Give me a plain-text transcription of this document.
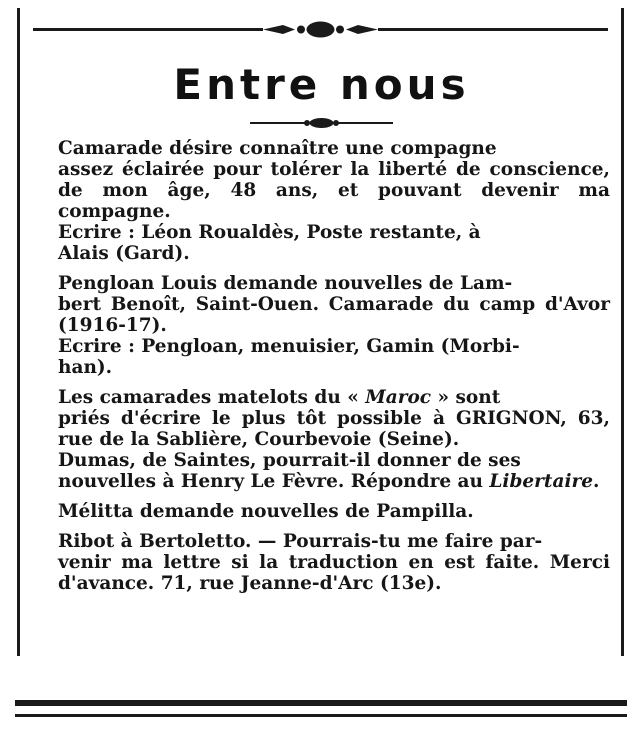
Entre nous

Camarade désire connaître une compagne

assez éclairée pour tolérer la liberté de conscience, de mon âge, 48 ans, et pouvant devenir ma compagne.

Ecrire : Léon Roualdès, Poste restante, à

Alais (Gard).

Pengloan Louis demande nouvelles de Lam-

bert Benoît, Saint-Ouen. Camarade du camp d'Avor (1916-17).

Ecrire : Pengloan, menuisier, Gamin (Morbi-

han).

Les camarades matelots du « Maroc » sont

priés d'écrire le plus tôt possible à GRIGNON, 63, rue de la Sablière, Courbevoie (Seine).

Dumas, de Saintes, pourrait-il donner de ses

nouvelles à Henry Le Fèvre. Répondre au Libertaire.

Mélitta demande nouvelles de Pampilla.

Ribot à Bertoletto. — Pourrais-tu me faire par-

venir ma lettre si la traduction en est faite. Merci d'avance. 71, rue Jeanne-d'Arc (13e).
